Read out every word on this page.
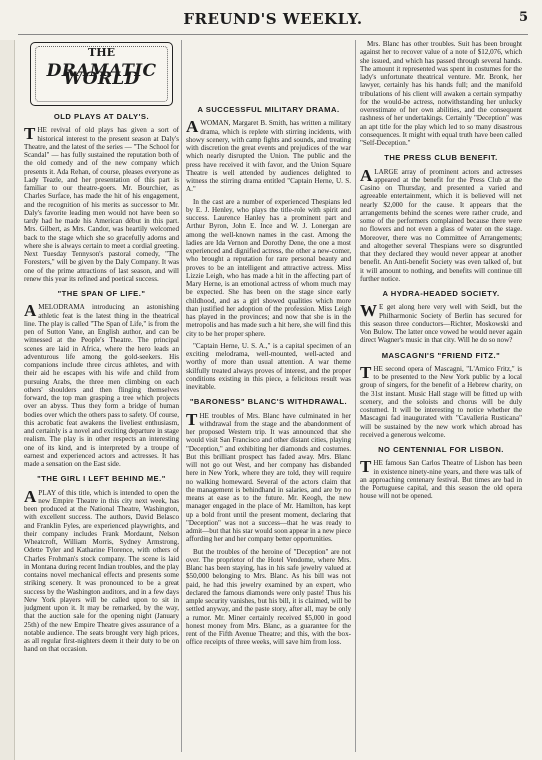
FREUND'S WEEKLY.	5
THE
DRAMATIC WORLD
OLD PLAYS AT DALY'S.

THE revival of old plays has given a sort of historical interest to the present season at Daly's Theatre, and the latest of the series — "The School for Scandal" — has fully sustained the reputation both of the old comedy and of the new company which presents it. Ada Rehan, of course, pleases everyone as Lady Teazle, and her presentation of this part is familiar to our theatre-goers. Mr. Bourchier, as Charles Surface, has made the hit of his engagement, and the recognition of his merits as successor to Mr. Daly's favorite leading men would not have been so tardy had he made his American début in this part. Mrs. Gilbert, as Mrs. Candor, was heartily welcomed back to the stage which she so gracefully adorns and where she is always certain to meet a cordial greeting. Next Tuesday Tennyson's pastoral comedy, "The Foresters," will be given by the Daly Company. It was one of the prime attractions of last season, and will renew this year its refined and poetical success.

"THE SPAN OF LIFE."

AMELODRAMA introducing an astonishing athletic feat is the latest thing in the theatrical line. The play is called "The Span of Life," is from the pen of Sutton Vane, an English author, and can be witnessed at the People's Theatre. The principal scenes are laid in Africa, where the hero leads an adventurous life among the gold-seekers. His companions include three circus athletes, and with their aid he escapes with his wife and child from pursuing Arabs, the three men climbing on each others' shoulders and then flinging themselves forward, the top man grasping a tree which projects over an abyss. Thus they form a bridge of human bodies over which the others pass to safety. Of course, this acrobatic feat awakens the liveliest enthusiasm, and certainly is a novel and exciting departure in stage realism. The play is in other respects an interesting one of its kind, and is interpreted by a troupe of earnest and experienced actors and actresses. It has made a sensation on the East side.

"THE GIRL I LEFT BEHIND ME."

APLAY of this title, which is intended to open the new Empire Theatre in this city next week, has been produced at the National Theatre, Washington, with excellent success. The authors, David Belasco and Franklin Fyles, are experienced playwrights, and their company includes Frank Mordaunt, Nelson Wheatcroft, William Morris, Sydney Armstrong, Odette Tyler and Katharine Florence, with others of Charles Frohman's stock company. The scene is laid in Montana during recent Indian troubles, and the play contains novel mechanical effects and presents some striking scenery. It was pronounced to be a great success by the Washington auditors, and in a few days New York players will be called upon to sit in judgment upon it. It may be remarked, by the way, that the auction sale for the opening night (January 25th) of the new Empire Theatre gives assurance of a notable audience. The seats brought very high prices, as all regular first-nighters deem it their duty to be on hand on that occasion.

A SUCCESSFUL MILITARY DRAMA.

AWOMAN, Margaret B. Smith, has written a military drama, which is replete with stirring incidents, with showy scenery, with camp fights and sounds, and treating with discretion the great events and prejudices of the war which nearly disrupted the Union. The public and the press have received it with favor, and the Union Square Theatre is well attended by audiences delighted to witness the stirring drama entitled "Captain Herne, U. S. A."

In the cast are a number of experienced Thespians led by E. J. Henley, who plays the title-role with spirit and success. Laurence Hanley has a prominent part and Arthur Byron, John E. Ince and W. J. Lonergan are among the well-known names in the cast. Among the ladies are Ida Vernon and Dorothy Dene, the one a most experienced and dignified actress, the other a new-comer, who brought a reputation for rare personal beauty and proves to be an intelligent and attractive actress. Miss Lizzie Leigh, who has made a hit in the affecting part of Mary Herne, is an emotional actress of whom much may be expected. She has been on the stage since early childhood, and as a girl showed qualities which more than justified her adoption of the profession. Miss Leigh has played in the provinces; and now that she is in the metropolis and has made such a hit here, she will find this city to be her proper sphere.

"Captain Herne, U. S. A.," is a capital specimen of an exciting melodrama, well-mounted, well-acted and worthy of more than usual attention. A war theme skilfully treated always proves of interest, and the proper conditions existing in this piece, a felicitous result was inevitable.

"BARONESS" BLANC'S WITHDRAWAL.

THE troubles of Mrs. Blanc have culminated in her withdrawal from the stage and the abandonment of her proposed Western trip. It was announced that she would visit San Francisco and other distant cities, playing "Deception," and exhibiting her diamonds and costumes. But this brilliant prospect has faded away. Mrs. Blanc will not go out West, and her company has disbanded here in New York, where they are told, they will require no walking homeward. Several of the actors claim that the management is behindhand in salaries, and are by no means at ease as to the future. Mr. Keogh, the new manager engaged in the place of Mr. Hamilton, has kept up a bold front until the present moment, declaring that "Deception" was not a success—that he was ready to admit—but that his star would soon appear in a new piece affording her and her company better opportunities.

But the troubles of the heroine of "Deception" are not over. The proprietor of the Hotel Vendome, where Mrs. Blanc has been staying, has in his safe jewelry valued at $50,000 belonging to Mrs. Blanc. As his bill was not paid, he had this jewelry examined by an expert, who declared the famous diamonds were only paste! Thus his ample security vanishes, but his bill, it is claimed, will be settled anyway, and the paste story, after all, may be only a rumor. Mr. Miner certainly received $5,000 in good honest money from Mrs. Blanc, as a guarantee for the rent of the Fifth Avenue Theatre; and this, with the box-office receipts of three weeks, will save him from loss.

Mrs. Blanc has other troubles. Suit has been brought against her to recover value of a note of $12,076, which she issued, and which has passed through several hands. The amount it represented was spent in costumes for the lady's unfortunate theatrical venture. Mr. Bronk, her lawyer, certainly has his hands full; and the manifold tribulations of his client will awaken a certain sympathy for the would-be actress, notwithstanding her unlucky overestimate of her own abilities, and the consequent rashness of her undertakings. Certainly "Deception" was an apt title for the play which led to so many disastrous consequences. It might with equal truth have been called "Self-Deception."

THE PRESS CLUB BENEFIT.

ALARGE array of prominent actors and actresses appeared at the benefit for the Press Club at the Casino on Thursday, and presented a varied and agreeable entertainment, which it is believed will net nearly $2,000 for the cause. It appears that the arrangements behind the scenes were rather crude, and some of the performers complained because there were no flowers and not even a glass of water on the stage. Moreover, there was no Committee of Arrangements; and altogether several Thespians were so disgruntled that they declared they would never appear at another benefit. An Anti-benefit Society was even talked of, but it will amount to nothing, and benefits will continue till further notice.

A HYDRA-HEADED SOCIETY.

W E get along here very well with Seidl, but the Philharmonic Society of Berlin has secured for this season three conductors—Richter, Moskowski and Von Bulow. The latter once vowed he would never again direct Wagner's music in that city. Will he do so now?

MASCAGNI'S "FRIEND FITZ."

THE second opera of Mascagni, "L'Amico Fritz," is to be presented to the New York public by a local group of singers, for the benefit of a Hebrew charity, on the 31st instant. Music Hall stage will be fitted up with scenery, and the soloists and chorus will be duly costumed. It will be interesting to notice whether the Mascagni fad inaugurated with "Cavalleria Rusticana" will be sustained by the new work which abroad has received a generous welcome.

NO CENTENNIAL FOR LISBON.

THE famous San Carlos Theatre of Lisbon has been in existence ninety-nine years, and there was talk of an approaching centenary festival. But times are bad in the Portuguese capital, and this season the old opera house will not be opened.
